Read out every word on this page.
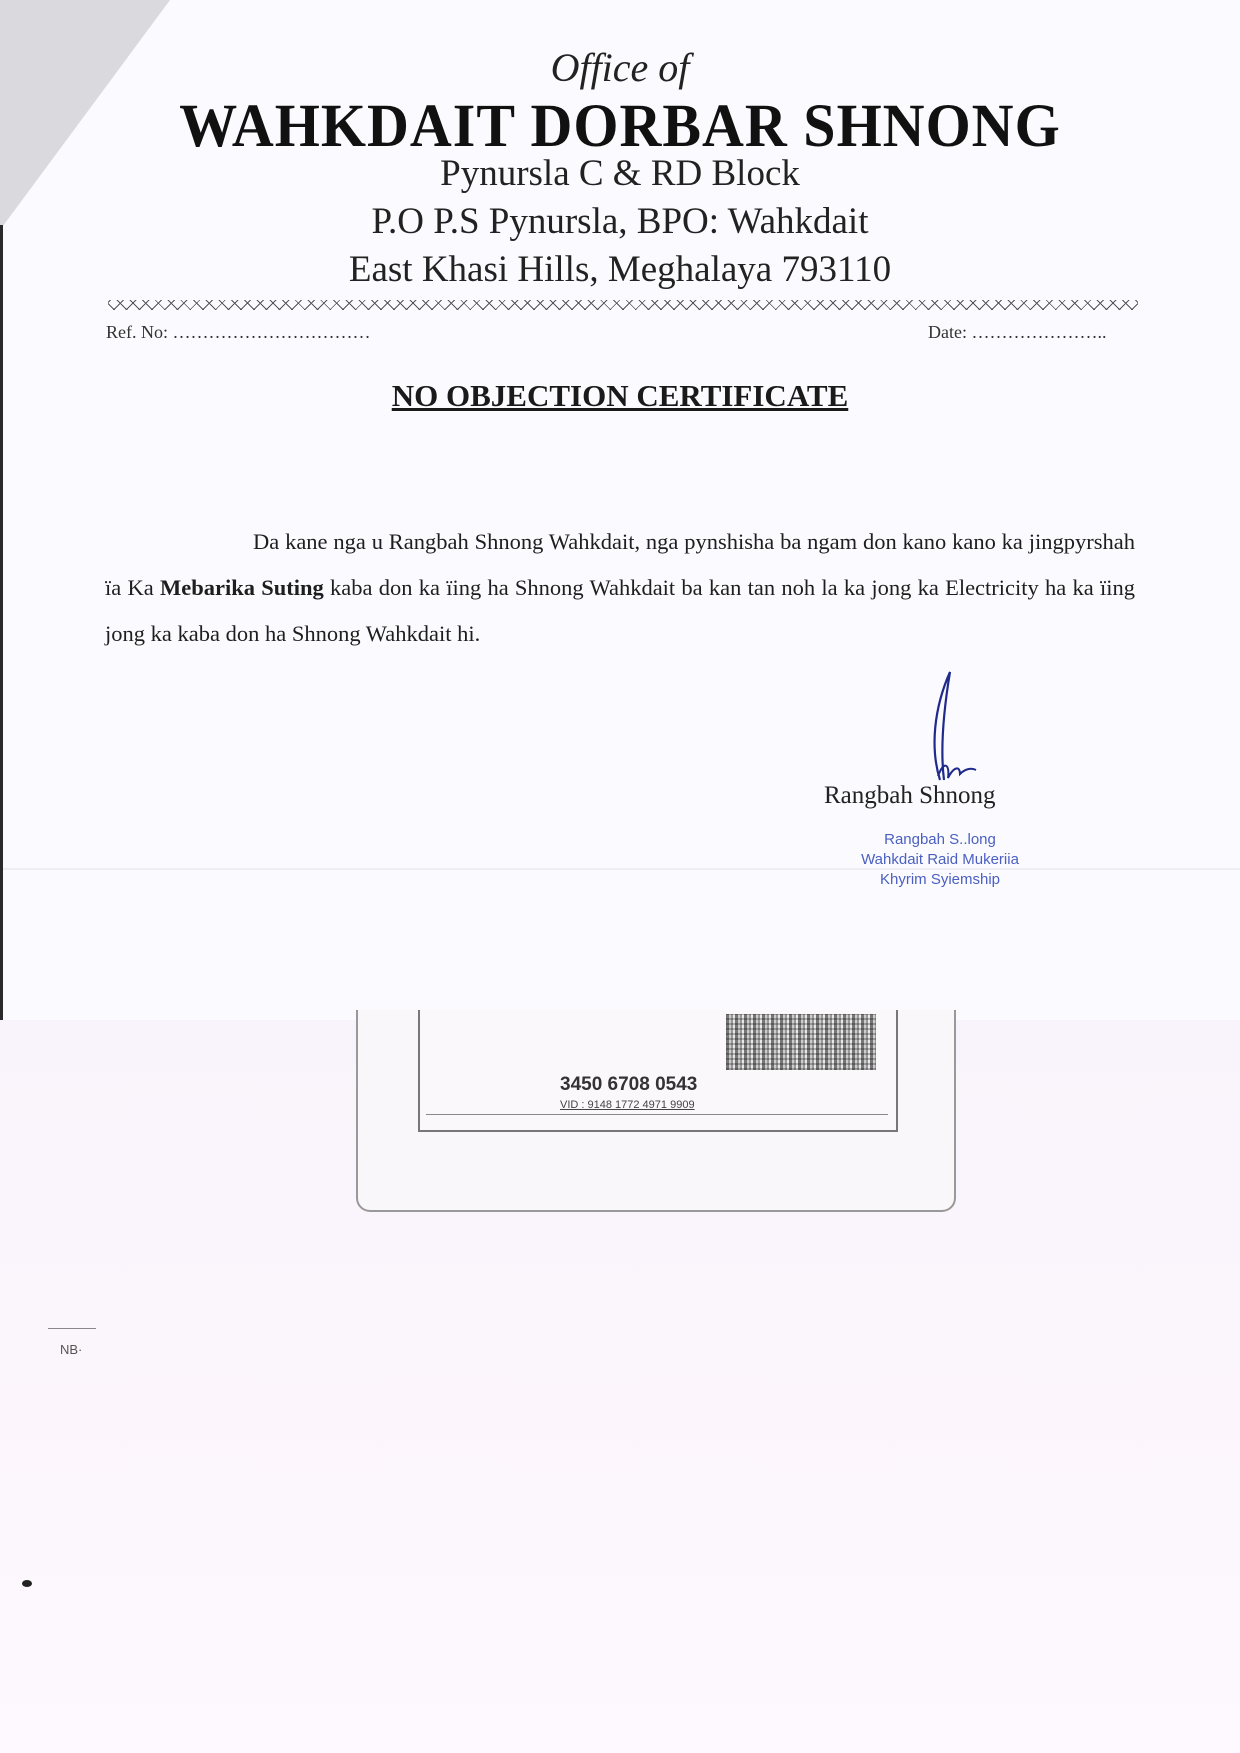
Office of
WAHKDAIT DORBAR SHNONG
Pynursla C & RD Block
P.O P.S Pynursla, BPO: Wahkdait
East Khasi Hills, Meghalaya 793110
Ref. No: ……………………………	Date: …………………..
NO OBJECTION CERTIFICATE

Da kane nga u Rangbah Shnong Wahkdait, nga pynshisha ba ngam don kano kano ka jingpyrshah ïa Ka Mebarika Suting kaba don ka ïing ha Shnong Wahkdait ba kan tan noh la ka jong ka Electricity ha ka ïing jong ka kaba don ha Shnong Wahkdait hi.

Rangbah Shnong
Rangbah S..long
Wahkdait Raid Mukeriia
Khyrim Syiemship
3450 6708 0543
VID : 9148 1772 4971 9909
NB·
